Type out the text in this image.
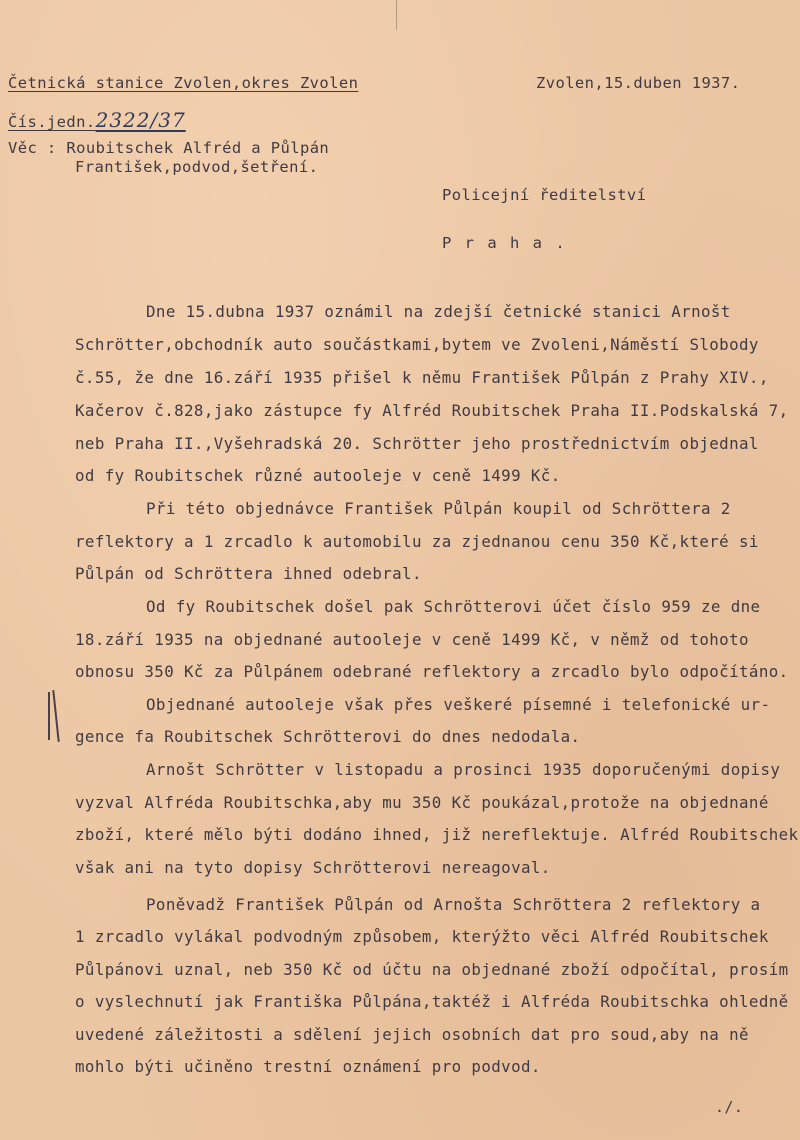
Četnická stanice Zvolen,okres Zvolen	Zvolen,15.duben 1937.
Čís.jedn.2322/37
Věc : Roubitschek Alfréd a Půlpán
František,podvod,šetření.
Policejní ředitelství
P r a h a .
Dne 15.dubna 1937 oznámil na zdejší četnické stanici Arnošt
Schrötter,obchodník auto součástkami,bytem ve Zvoleni,Náměstí Slobody
č.55, že dne 16.září 1935 přišel k němu František Půlpán z Prahy XIV.,
Kačerov č.828,jako zástupce fy Alfréd Roubitschek Praha II.Podskalská 7,
neb Praha II.,Vyšehradská 20. Schrötter jeho prostřednictvím objednal
od fy Roubitschek různé autooleje v ceně 1499 Kč.
Při této objednávce František Půlpán koupil od Schröttera 2
reflektory a 1 zrcadlo k automobilu za zjednanou cenu 350 Kč,které si
Půlpán od Schröttera ihned odebral.
Od fy Roubitschek došel pak Schrötterovi účet číslo 959 ze dne
18.září 1935 na objednané autooleje v ceně 1499 Kč, v němž od tohoto
obnosu 350 Kč za Půlpánem odebrané reflektory a zrcadlo bylo odpočítáno.
Objednané autooleje však přes veškeré písemné i telefonické ur-
gence fa Roubitschek Schrötterovi do dnes nedodala.
Arnošt Schrötter v listopadu a prosinci 1935 doporučenými dopisy
vyzval Alfréda Roubitschka,aby mu 350 Kč poukázal,protože na objednané
zboží, které mělo býti dodáno ihned, již nereflektuje. Alfréd Roubitschek
však ani na tyto dopisy Schrötterovi nereagoval.
Poněvadž František Půlpán od Arnošta Schröttera 2 reflektory a
1 zrcadlo vylákal podvodným způsobem, kterýžto věci Alfréd Roubitschek
Půlpánovi uznal, neb 350 Kč od účtu na objednané zboží odpočítal, prosím
o vyslechnutí jak Františka Půlpána,taktéž i Alfréda Roubitschka ohledně
uvedené záležitosti a sdělení jejich osobních dat pro soud,aby na ně
mohlo býti učiněno trestní oznámení pro podvod.
./.
